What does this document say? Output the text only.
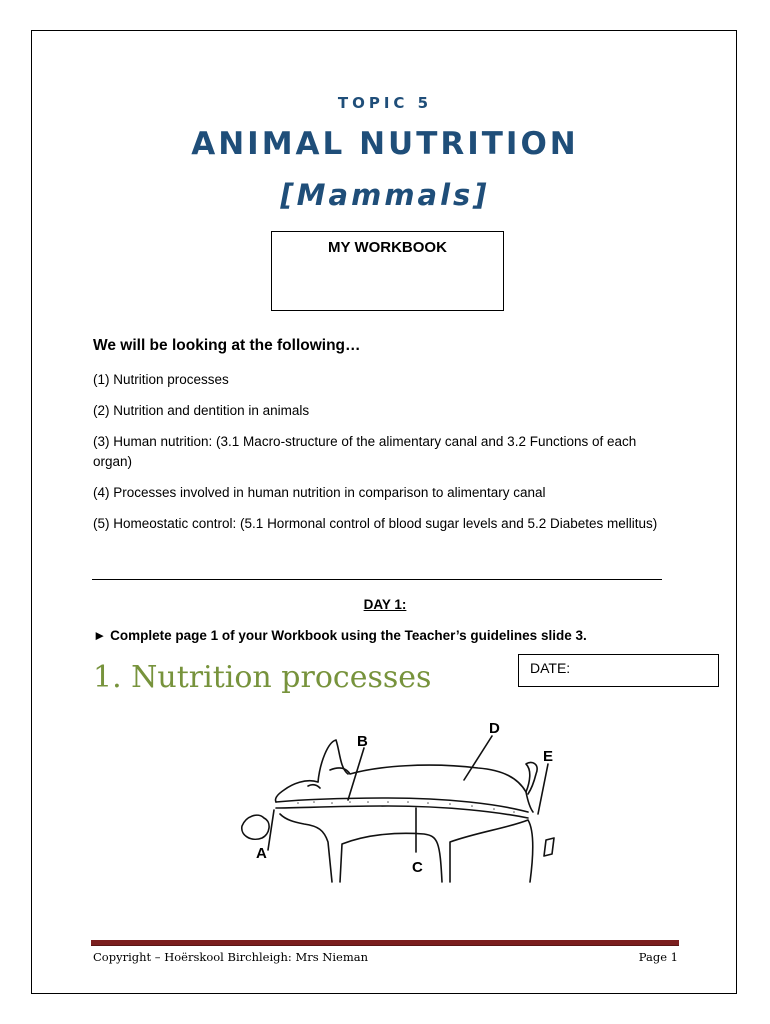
TOPIC 5
ANIMAL NUTRITION
[Mammals]
MY WORKBOOK
We will be looking at the following…
(1) Nutrition processes
(2) Nutrition and dentition in animals
(3) Human nutrition: (3.1 Macro-structure of the alimentary canal and 3.2 Functions of each organ)
(4) Processes involved in human nutrition in comparison to alimentary canal
(5) Homeostatic control: (5.1 Hormonal control of blood sugar levels and 5.2 Diabetes mellitus)
DAY 1:
► Complete page 1 of your Workbook using the Teacher’s guidelines slide 3.
1. Nutrition processes	DATE:
A
B
C
D
E
Copyright – Hoërskool Birchleigh: Mrs Nieman	Page 1
